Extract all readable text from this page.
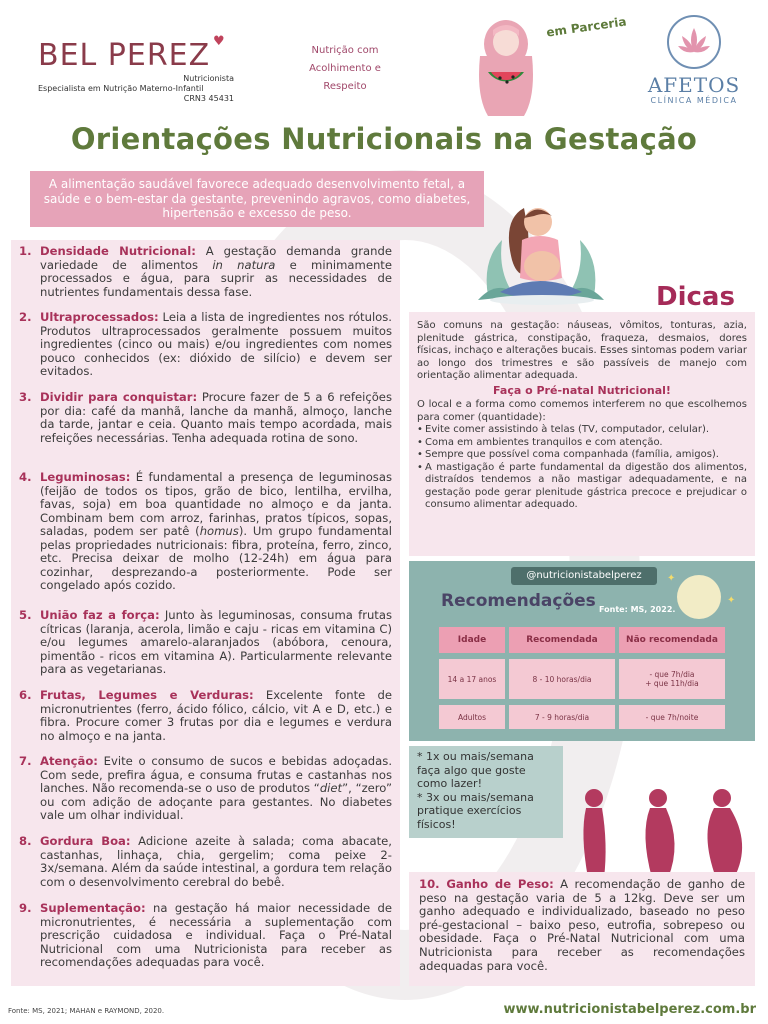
BEL PEREZ ♥
Nutricionista
Especialista em Nutrição Materno-Infantil
CRN3 45431
Nutrição com Acolhimento e Respeito
em Parceria
AFETOS
CLÍNICA MÉDICA
Orientações Nutricionais na Gestação
A alimentação saudável favorece adequado desenvolvimento fetal, a saúde e o bem-estar da gestante, prevenindo agravos, como diabetes, hipertensão e excesso de peso.
1. Densidade Nutricional: A gestação demanda grande variedade de alimentos in natura e minimamente processados e água, para suprir as necessidades de nutrientes fundamentais dessa fase.
2. Ultraprocessados: Leia a lista de ingredientes nos rótulos. Produtos ultraprocessados geralmente possuem muitos ingredientes (cinco ou mais) e/ou ingredientes com nomes pouco conhecidos (ex: dióxido de silício) e devem ser evitados.
3. Dividir para conquistar: Procure fazer de 5 a 6 refeições por dia: café da manhã, lanche da manhã, almoço, lanche da tarde, jantar e ceia. Quanto mais tempo acordada, mais refeições necessárias. Tenha adequada rotina de sono.
4. Leguminosas: É fundamental a presença de leguminosas (feijão de todos os tipos, grão de bico, lentilha, ervilha, favas, soja) em boa quantidade no almoço e da janta. Combinam bem com arroz, farinhas, pratos típicos, sopas, saladas, podem ser patê (homus). Um grupo fundamental pelas propriedades nutricionais: fibra, proteína, ferro, zinco, etc. Precisa deixar de molho (12-24h) em água para cozinhar, desprezando-a posteriormente. Pode ser congelado após cozido.
5. União faz a força: Junto às leguminosas, consuma frutas cítricas (laranja, acerola, limão e caju - ricas em vitamina C) e/ou legumes amarelo-alaranjados (abóbora, cenoura, pimentão - ricos em vitamina A). Particularmente relevante para as vegetarianas.
6. Frutas, Legumes e Verduras: Excelente fonte de micronutrientes (ferro, ácido fólico, cálcio, vit A e D, etc.) e fibra. Procure comer 3 frutas por dia e legumes e verdura no almoço e na janta.
7. Atenção: Evite o consumo de sucos e bebidas adoçadas. Com sede, prefira água, e consuma frutas e castanhas nos lanches. Não recomenda-se o uso de produtos “diet”, “zero” ou com adição de adoçante para gestantes. No diabetes vale um olhar individual.
8. Gordura Boa: Adicione azeite à salada; coma abacate, castanhas, linhaça, chia, gergelim; coma peixe 2-3x/semana. Além da saúde intestinal, a gordura tem relação com o desenvolvimento cerebral do bebê.
9. Suplementação: na gestação há maior necessidade de micronutrientes, é necessária a suplementação com prescrição cuidadosa e individual. Faça o Pré-Natal Nutricional com uma Nutricionista para receber as recomendações adequadas para você.
Dicas

São comuns na gestação: náuseas, vômitos, tonturas, azia, plenitude gástrica, constipação, fraqueza, desmaios, dores físicas, inchaço e alterações bucais. Esses sintomas podem variar ao longo dos trimestres e são passíveis de manejo com orientação alimentar adequada.

Faça o Pré-natal Nutricional!

O local e a forma como comemos interferem no que escolhemos para comer (quantidade):

• Evite comer assistindo à telas (TV, computador, celular).
• Coma em ambientes tranquilos e com atenção.
• Sempre que possível coma companhada (família, amigos).
• A mastigação é parte fundamental da digestão dos alimentos, distraídos tendemos a não mastigar adequadamente, e na gestação pode gerar plenitude gástrica precoce e prejudicar o consumo alimentar adequado.
@nutricionistabelperez
Recomendações Fonte: MS, 2022.
✦
✦
Idade	Recomendada	Não recomendada
14 a 17 anos	8 - 10 horas/dia	- que 7h/dia
+ que 11h/dia
Adultos	7 - 9 horas/dia	- que 7h/noite
* 1x ou mais/semana faça algo que goste como lazer!
* 3x ou mais/semana pratique exercícios físicos!
10. Ganho de Peso: A recomendação de ganho de peso na gestação varia de 5 a 12kg. Deve ser um ganho adequado e individualizado, baseado no peso pré-gestacional – baixo peso, eutrofia, sobrepeso ou obesidade. Faça o Pré-Natal Nutricional com uma Nutricionista para receber as recomendações adequadas para você.
Fonte: MS, 2021; MAHAN e RAYMOND, 2020.	www.nutricionistabelperez.com.br
